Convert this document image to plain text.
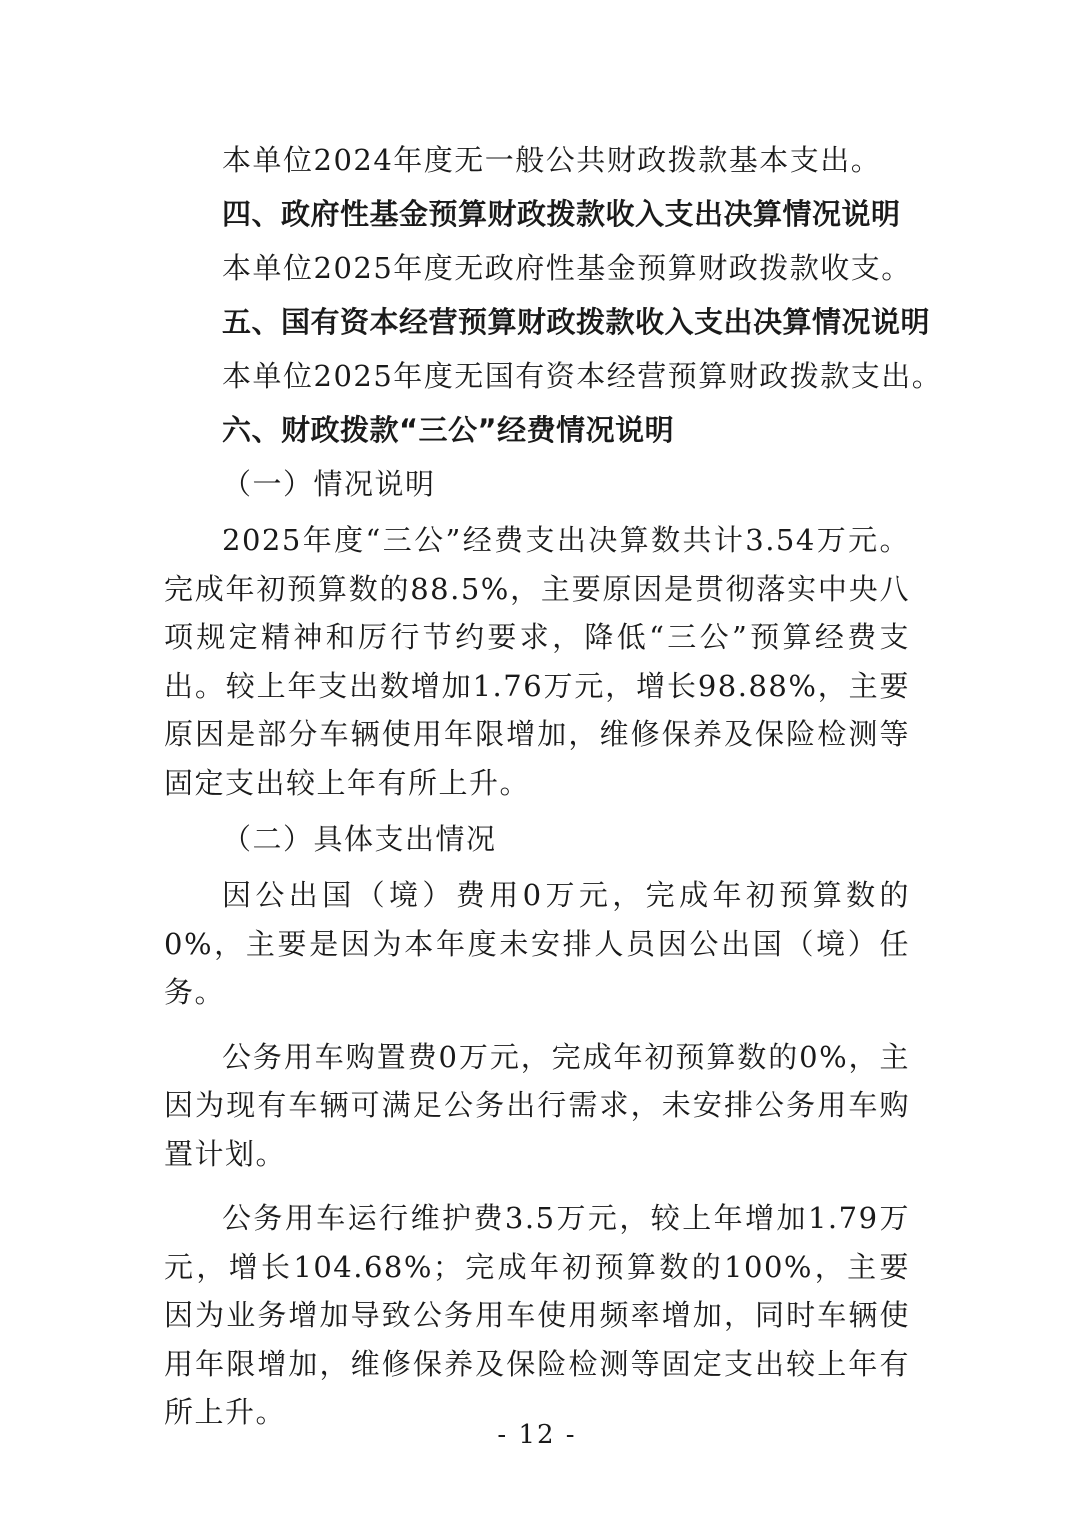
本单位2024年度无一般公共财政拨款基本支出。

四、政府性基金预算财政拨款收入支出决算情况说明

本单位2025年度无政府性基金预算财政拨款收支。

五、国有资本经营预算财政拨款收入支出决算情况说明

本单位2025年度无国有资本经营预算财政拨款支出。

六、财政拨款“三公”经费情况说明

（一）情况说明

2025年度“三公”经费支出决算数共计3.54万元。完成年初预算数的88.5%，主要原因是贯彻落实中央八项规定精神和厉行节约要求，降低“三公”预算经费支出。较上年支出数增加1.76万元，增长98.88%，主要原因是部分车辆使用年限增加，维修保养及保险检测等固定支出较上年有所上升。

（二）具体支出情况

因公出国（境）费用0万元，完成年初预算数的0%，主要是因为本年度未安排人员因公出国（境）任务。

公务用车购置费0万元，完成年初预算数的0%，主因为现有车辆可满足公务出行需求，未安排公务用车购置计划。

公务用车运行维护费3.5万元，较上年增加1.79万元，增长104.68%；完成年初预算数的100%，主要因为业务增加导致公务用车使用频率增加，同时车辆使用年限增加，维修保养及保险检测等固定支出较上年有所上升。

- 12 -
